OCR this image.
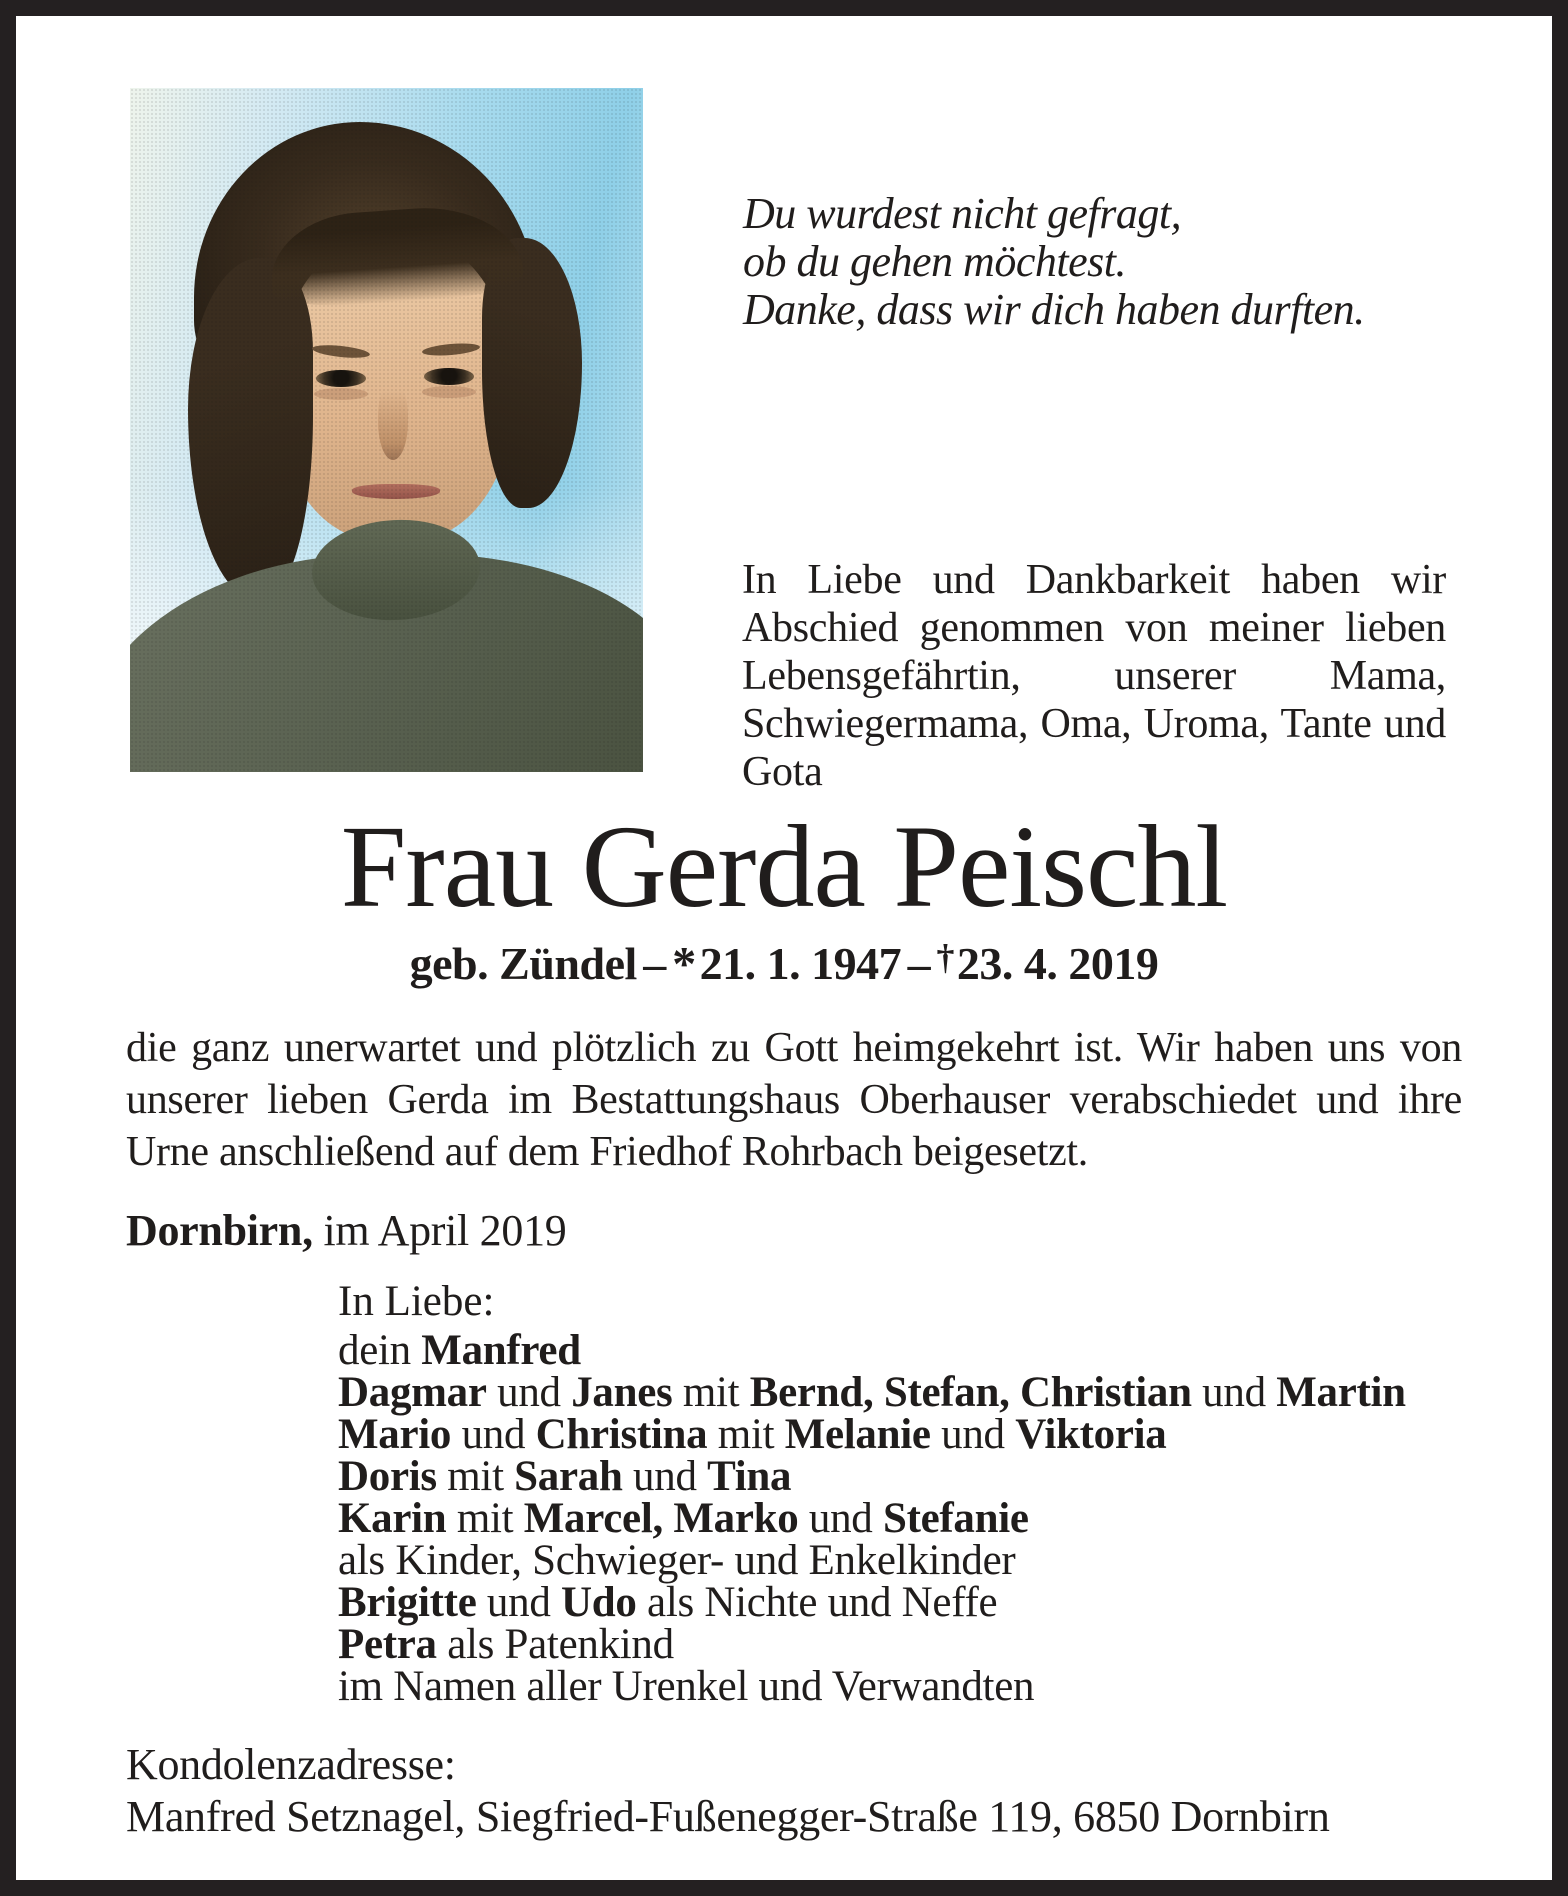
Du wurdest nicht gefragt,
ob du gehen möchtest.
Danke, dass wir dich haben durften.
In Liebe und Dankbarkeit haben wir Abschied genommen von meiner lieben Lebensgefährtin, unserer Mama, Schwiegermama, Oma, Uroma, Tante und Gota
Frau Gerda Peischl
geb. Zündel – *21. 1. 1947 – †23. 4. 2019
die ganz unerwartet und plötzlich zu Gott heimgekehrt ist. Wir haben uns von unserer lieben Gerda im Bestattungshaus Oberhauser verabschiedet und ihre Urne anschließend auf dem Friedhof Rohrbach beigesetzt.
Dornbirn, im April 2019
In Liebe:
dein Manfred
Dagmar und Janes mit Bernd, Stefan, Christian und Martin
Mario und Christina mit Melanie und Viktoria
Doris mit Sarah und Tina
Karin mit Marcel, Marko und Stefanie
als Kinder, Schwieger- und Enkelkinder
Brigitte und Udo als Nichte und Neffe
Petra als Patenkind
im Namen aller Urenkel und Verwandten
Kondolenzadresse:
Manfred Setznagel, Siegfried-Fußenegger-Straße 119, 6850 Dornbirn
